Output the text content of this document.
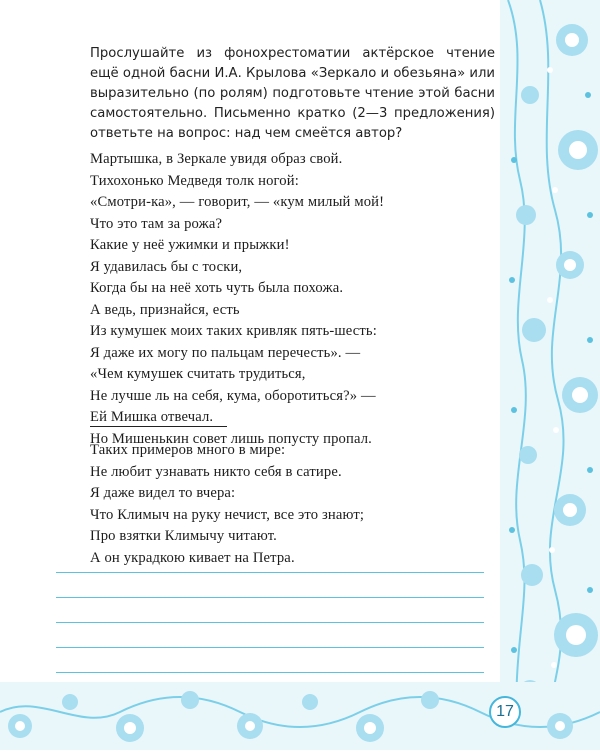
Прослушайте из фонохрестоматии актёрское чтение ещё одной басни И.А. Крылова «Зеркало и обезьяна» или выразительно (по ролям) подготовьте чтение этой басни самостоятельно. Письменно кратко (2—3 предложения) ответьте на вопрос: над чем смеётся автор?
Мартышка, в Зеркале увидя образ свой.
Тихохонько Медведя толк ногой:
«Смотри-ка», — говорит, — «кум милый мой!
Что это там за рожа?
Какие у неё ужимки и прыжки!
Я удавилась бы с тоски,
Когда бы на неё хоть чуть была похожа.
А ведь, признайся, есть
Из кумушек моих таких кривляк пять-шесть:
Я даже их могу по пальцам перечесть». —
«Чем кумушек считать трудиться,
Не лучше ль на себя, кума, оборотиться?» —
Ей Мишка отвечал.
Но Мишенькин совет лишь попусту пропал.
Таких примеров много в мире:
Не любит узнавать никто себя в сатире.
Я даже видел то вчера:
Что Климыч на руку нечист, все это знают;
Про взятки Климычу читают.
А он украдкою кивает на Петра.
17
